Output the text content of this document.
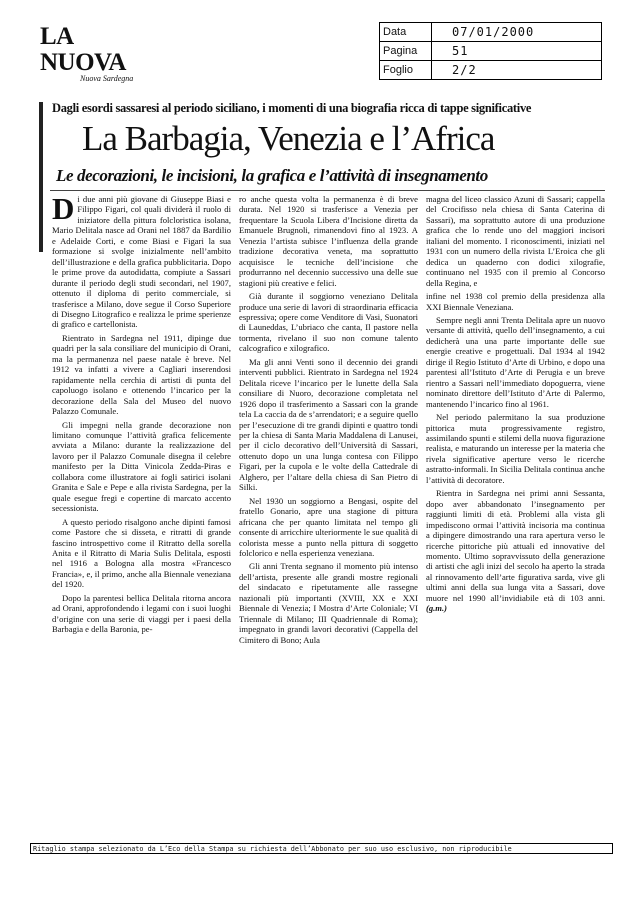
LA NUOVA
Nuova Sardegna
Data	07/01/2000
Pagina	51
Foglio	2/2
Dagli esordi sassaresi al periodo siciliano, i momenti di una biografia ricca di tappe significative
La Barbagia, Venezia e l’Africa
Le decorazioni, le incisioni, la grafica e l’attività di insegnamento

Di due anni più giovane di Giuseppe Biasi e Filippo Figari, col quali dividerà il ruolo di iniziatore della pittura folcloristica isolana, Mario Delitala nasce ad Orani nel 1887 da Bardilio e Adelaide Corti, e come Biasi e Figari la sua formazione si svolge inizialmente nell’ambito dell’illustrazione e della grafica pubblicitaria. Dopo le prime prove da autodidatta, compiute a Sassari durante il periodo degli studi secondari, nel 1907, ottenuto il diploma di perito commerciale, si trasferisce a Milano, dove segue il Corso Superiore di Disegno Litografico e realizza le prime sperienze di grafico e cartellonista.

Rientrato in Sardegna nel 1911, dipinge due quadri per la sala consiliare del municipio di Orani, ma la permanenza nel paese natale è breve. Nel 1912 va infatti a vivere a Cagliari inserendosi rapidamente nella cerchia di artisti di punta del capoluogo isolano e ottenendo l’incarico per la decorazione della Sala del Museo del nuovo Palazzo Comunale.

Gli impegni nella grande decorazione non limitano comunque l’attività grafica felicemente avviata a Milano: durante la realizzazione del lavoro per il Palazzo Comunale disegna il celebre manifesto per la Ditta Vinicola Zedda-Piras e collabora come illustratore ai fogli satirici isolani Granita e Sale e Pepe e alla rivista Sardegna, per la quale esegue fregi e copertine di marcato accento secessionista.

A questo periodo risalgono anche dipinti famosi come Pastore che si disseta, e ritratti di grande fascino introspettivo come il Ritratto della sorella Anita e il Ritratto di Maria Sulis Delitala, esposti nel 1916 a Bologna alla mostra «Francesco Francia», e, il primo, anche alla Biennale veneziana del 1920.

Dopo la parentesi bellica Delitala ritorna ancora ad Orani, approfondendo i legami con i suoi luoghi d’origine con una serie di viaggi per i paesi della Barbagia e della Baronia, pe-

ro anche questa volta la permanenza è di breve durata. Nel 1920 si trasferisce a Venezia per frequentare la Scuola Libera d’Incisione diretta da Emanuele Brugnoli, rimanendovi fino al 1923. A Venezia l’artista subisce l’influenza della grande tradizione decorativa veneta, ma soprattutto acquisisce le tecniche dell’incisione che produrranno nel decennio successivo una delle sue stagioni più creative e felici.

Già durante il soggiorno veneziano Delitala produce una serie di lavori di straordinaria efficacia espressiva; opere come Venditore di Vasi, Suonatori di Launeddas, L’ubriaco che canta, Il pastore nella tormenta, rivelano il suo non comune talento calcografico e xilografico.

Ma gli anni Venti sono il decennio dei grandi interventi pubblici. Rientrato in Sardegna nel 1924 Delitala riceve l’incarico per le lunette della Sala consiliare di Nuoro, decorazione completata nel 1926 dopo il trasferimento a Sassari con la grande tela La caccia da de s’arrendatori; e a seguire quello per l’esecuzione di tre grandi dipinti e quattro tondi per la chiesa di Santa Maria Maddalena di Lanusei, per il ciclo decorativo dell’Università di Sassari, ottenuto dopo un una lunga contesa con Filippo Figari, per la cupola e le volte della Cattedrale di Alghero, per l’altare della chiesa di San Pietro di Silki.

Nel 1930 un soggiorno a Bengasi, ospite del fratello Gonario, apre una stagione di pittura africana che per quanto limitata nel tempo gli consente di arricchire ulteriormente le sue qualità di colorista messe a punto nella pittura di soggetto folclorico e nella esperienza veneziana.

Gli anni Trenta segnano il momento più intenso dell’artista, presente alle grandi mostre regionali del sindacato e ripetutamente alle rassegne nazionali più importanti (XVIII, XX e XXI Biennale di Venezia; I Mostra d’Arte Coloniale; VI Triennale di Milano; III Quadriennale di Roma); impegnato in grandi lavori decorativi (Cappella del Cimitero di Bono; Aula

magna del liceo classico Azuni di Sassari; cappella del Crocifisso nela chiesa di Santa Caterina di Sassari), ma soprattutto autore di una produzione grafica che lo rende uno del maggiori incisori italiani del momento. I riconoscimenti, iniziati nel 1931 con un numero della rivista L’Eroica che gli dedica un quaderno con dodici xilografie, continuano nel 1935 con il premio al Concorso della Regina, e

infine nel 1938 col premio della presidenza alla XXI Biennale Veneziana.

Sempre negli anni Trenta Delitala apre un nuovo versante di attività, quello dell’insegnamento, a cui dedicherà una una parte importante delle sue energie creative e progettuali. Dal 1934 al 1942 dirige il Regio Istituto d’Arte di Urbino, e dopo una parentesi all’Istituto d’Arte di Perugia e un breve rientro a Sassari nell’immediato dopoguerra, viene nominato direttore dell’Istituto d’Arte di Palermo, mantenendo l’incarico fino al 1961.

Nel periodo palermitano la sua produzione pittorica muta progressivamente registro, assimilando spunti e stilemi della nuova figurazione realista, e maturando un interesse per la materia che rivela significative aperture verso le ricerche astratto-informali. In Sicilia Delitala continua anche l’attività di decoratore.

Rientra in Sardegna nei primi anni Sessanta, dopo aver abbandonato l’insegnamento per raggiunti limiti di età. Problemi alla vista gli impediscono ormai l’attività incisoria ma continua a dipingere dimostrando una rara apertura verso le ricerche pittoriche più attuali ed innovative del momento. Ultimo sopravvissuto della generazione di artisti che agli inizi del secolo ha aperto la strada al rinnovamento dell’arte figurativa sarda, vive gli ultimi anni della sua lunga vita a Sassari, dove muore nel 1990 all’invidiabile età di 103 anni. (g.m.)

Ritaglio stampa selezionato da L’Eco della Stampa su richiesta dell’Abbonato per suo uso esclusivo, non riproducibile
